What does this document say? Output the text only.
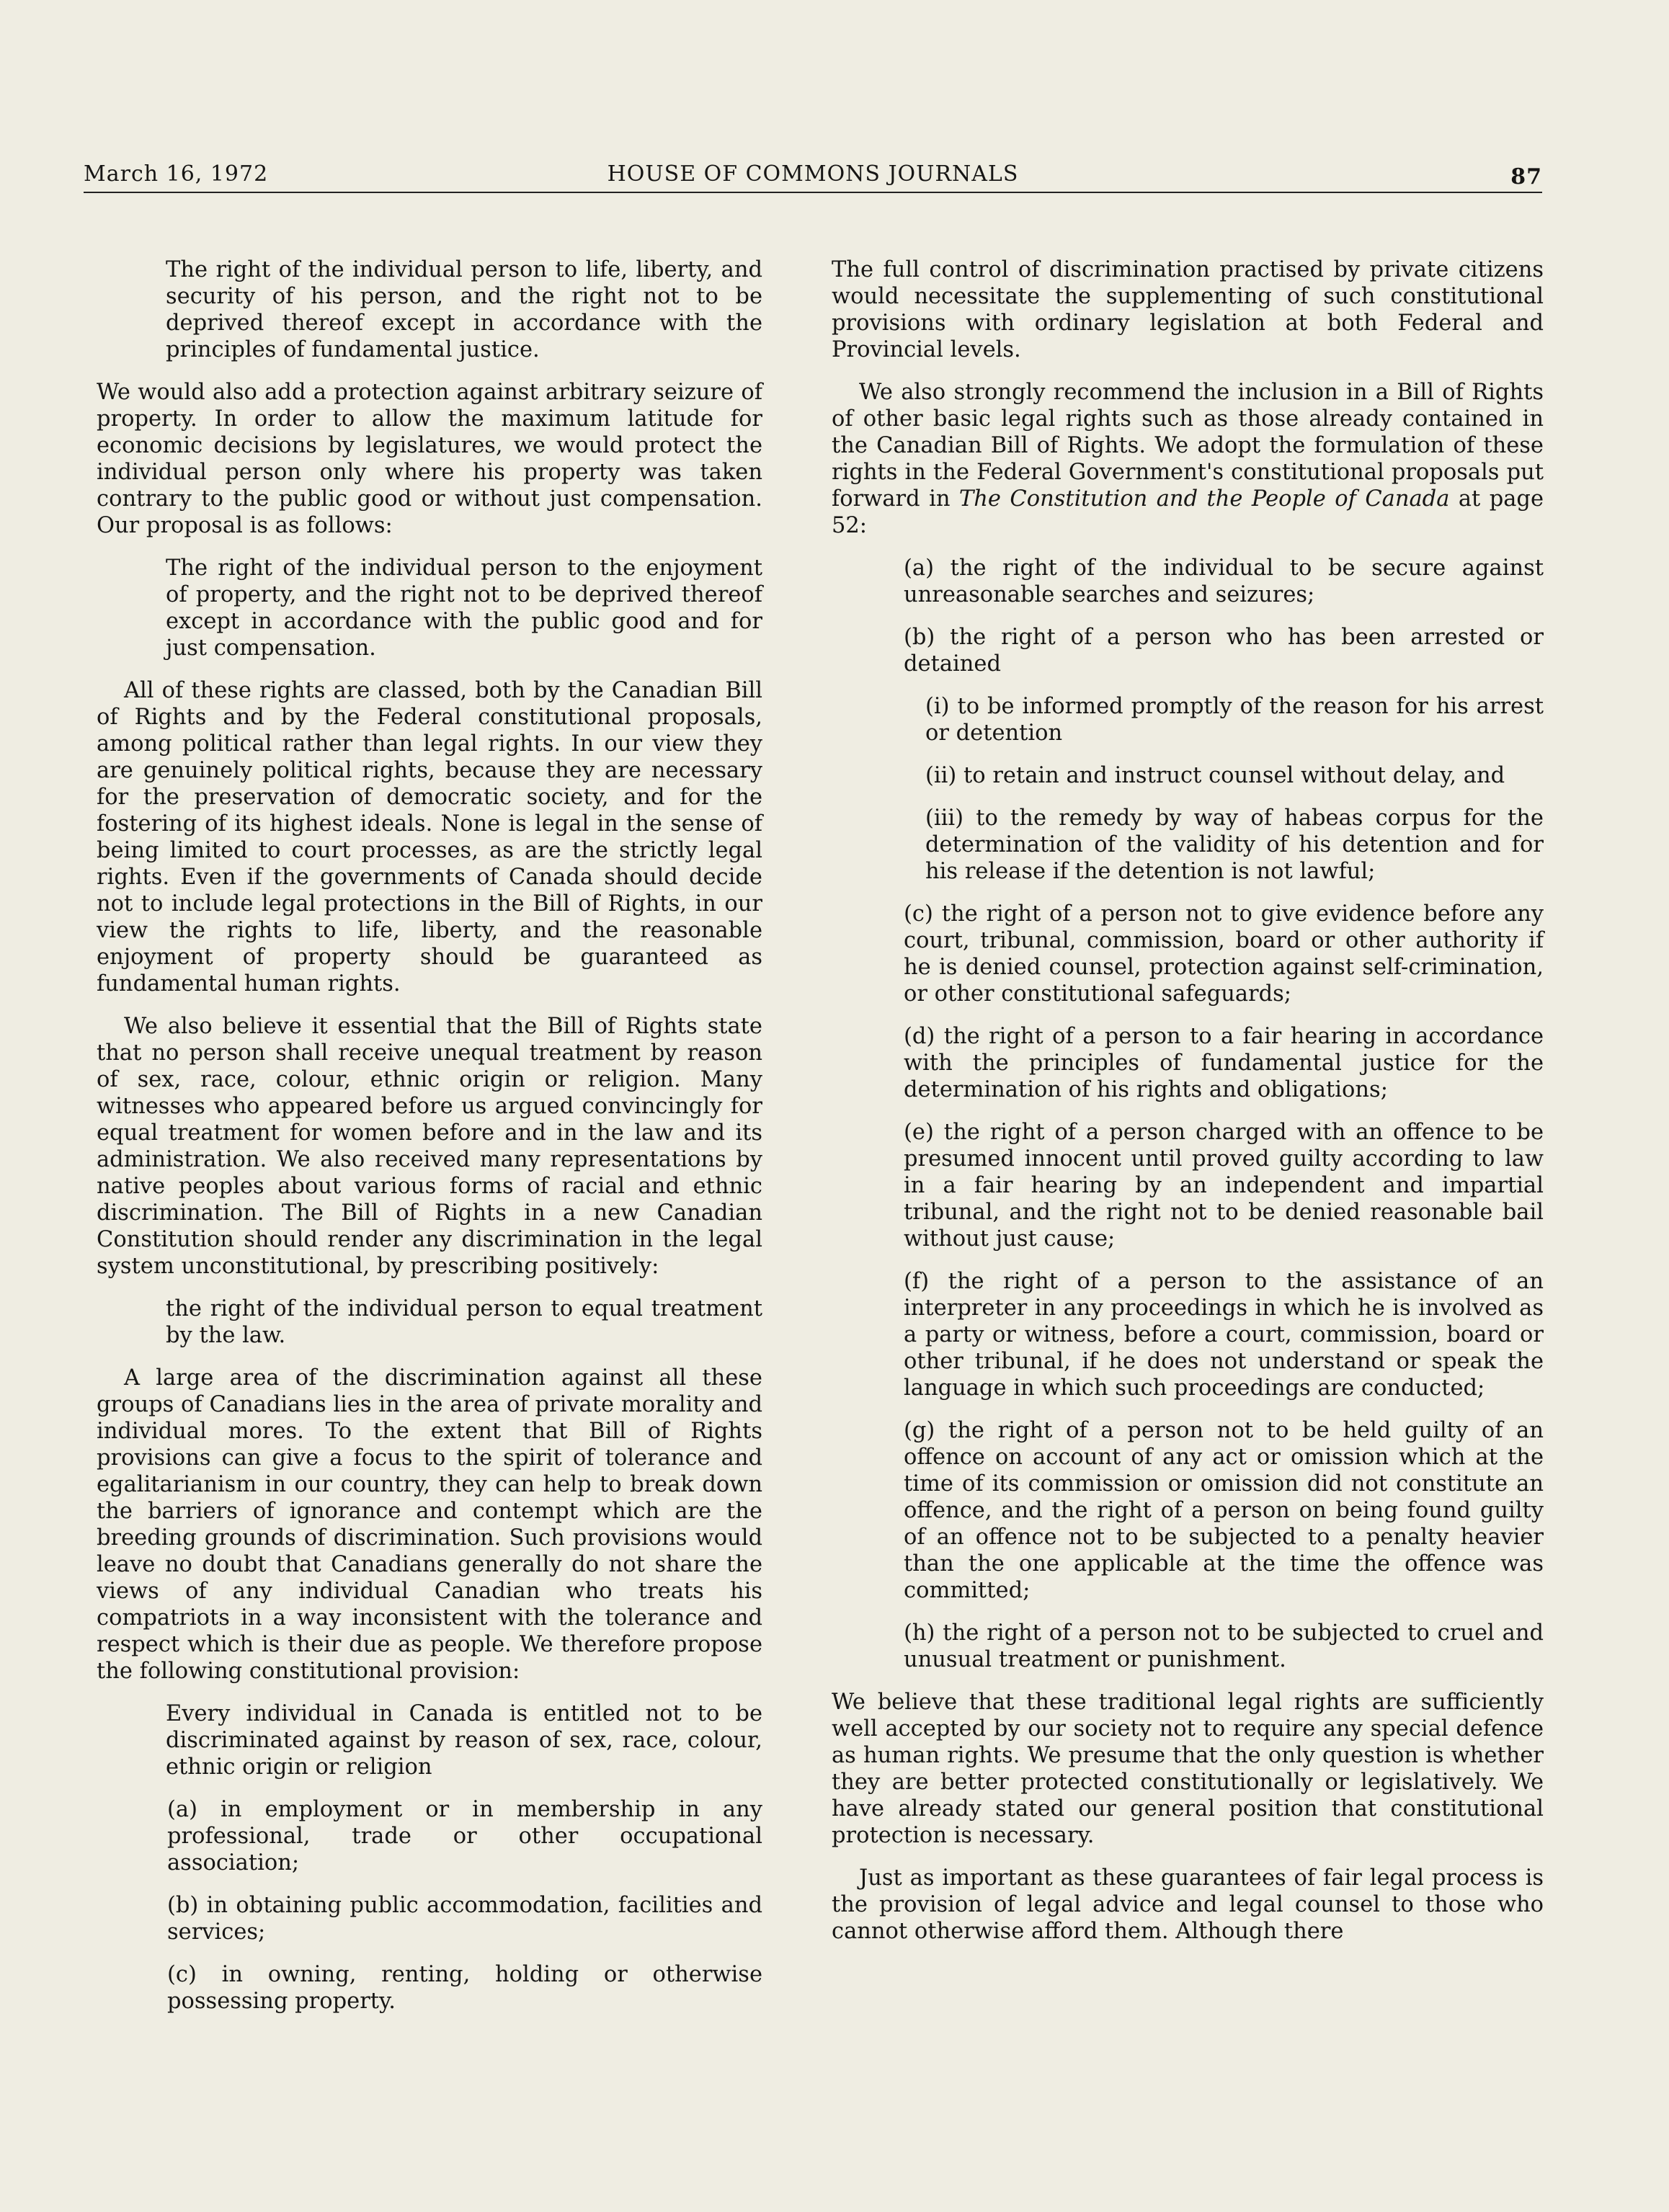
March 16, 1972	HOUSE OF COMMONS JOURNALS	87

The right of the individual person to life, liberty, and security of his person, and the right not to be deprived thereof except in accordance with the principles of fundamental justice.

We would also add a protection against arbitrary seizure of property. In order to allow the maximum latitude for economic decisions by legislatures, we would protect the individual person only where his property was taken contrary to the public good or without just compensation. Our proposal is as follows:

The right of the individual person to the enjoyment of property, and the right not to be deprived thereof except in accordance with the public good and for just compensation.

All of these rights are classed, both by the Canadian Bill of Rights and by the Federal constitutional proposals, among political rather than legal rights. In our view they are genuinely political rights, because they are necessary for the preservation of democratic society, and for the fostering of its highest ideals. None is legal in the sense of being limited to court processes, as are the strictly legal rights. Even if the governments of Canada should decide not to include legal protections in the Bill of Rights, in our view the rights to life, liberty, and the reasonable enjoyment of property should be guaranteed as fundamental human rights.

We also believe it essential that the Bill of Rights state that no person shall receive unequal treatment by reason of sex, race, colour, ethnic origin or religion. Many witnesses who appeared before us argued convincingly for equal treatment for women before and in the law and its administration. We also received many representations by native peoples about various forms of racial and ethnic discrimination. The Bill of Rights in a new Canadian Constitution should render any discrimination in the legal system unconstitutional, by prescribing positively:

the right of the individual person to equal treatment by the law.

A large area of the discrimination against all these groups of Canadians lies in the area of private morality and individual mores. To the extent that Bill of Rights provisions can give a focus to the spirit of tolerance and egalitarianism in our country, they can help to break down the barriers of ignorance and contempt which are the breeding grounds of discrimination. Such provisions would leave no doubt that Canadians generally do not share the views of any individual Canadian who treats his compatriots in a way inconsistent with the tolerance and respect which is their due as people. We therefore propose the following constitutional provision:

Every individual in Canada is entitled not to be discriminated against by reason of sex, race, colour, ethnic origin or religion

(a) in employment or in membership in any professional, trade or other occupational association;

(b) in obtaining public accommodation, facilities and services;

(c) in owning, renting, holding or otherwise possessing property.

The full control of discrimination practised by private citizens would necessitate the supplementing of such constitutional provisions with ordinary legislation at both Federal and Provincial levels.

We also strongly recommend the inclusion in a Bill of Rights of other basic legal rights such as those already contained in the Canadian Bill of Rights. We adopt the formulation of these rights in the Federal Government's constitutional proposals put forward in The Constitution and the People of Canada at page 52:

(a) the right of the individual to be secure against unreasonable searches and seizures;

(b) the right of a person who has been arrested or detained

(i) to be informed promptly of the reason for his arrest or detention

(ii) to retain and instruct counsel without delay, and

(iii) to the remedy by way of habeas corpus for the determination of the validity of his detention and for his release if the detention is not lawful;

(c) the right of a person not to give evidence before any court, tribunal, commission, board or other authority if he is denied counsel, protection against self-crimination, or other constitutional safeguards;

(d) the right of a person to a fair hearing in accordance with the principles of fundamental justice for the determination of his rights and obligations;

(e) the right of a person charged with an offence to be presumed innocent until proved guilty according to law in a fair hearing by an independent and impartial tribunal, and the right not to be denied reasonable bail without just cause;

(f) the right of a person to the assistance of an interpreter in any proceedings in which he is involved as a party or witness, before a court, commission, board or other tribunal, if he does not understand or speak the language in which such proceedings are conducted;

(g) the right of a person not to be held guilty of an offence on account of any act or omission which at the time of its commission or omission did not constitute an offence, and the right of a person on being found guilty of an offence not to be subjected to a penalty heavier than the one applicable at the time the offence was committed;

(h) the right of a person not to be subjected to cruel and unusual treatment or punishment.

We believe that these traditional legal rights are sufficiently well accepted by our society not to require any special defence as human rights. We presume that the only question is whether they are better protected constitutionally or legislatively. We have already stated our general position that constitutional protection is necessary.

Just as important as these guarantees of fair legal process is the provision of legal advice and legal counsel to those who cannot otherwise afford them. Although there
